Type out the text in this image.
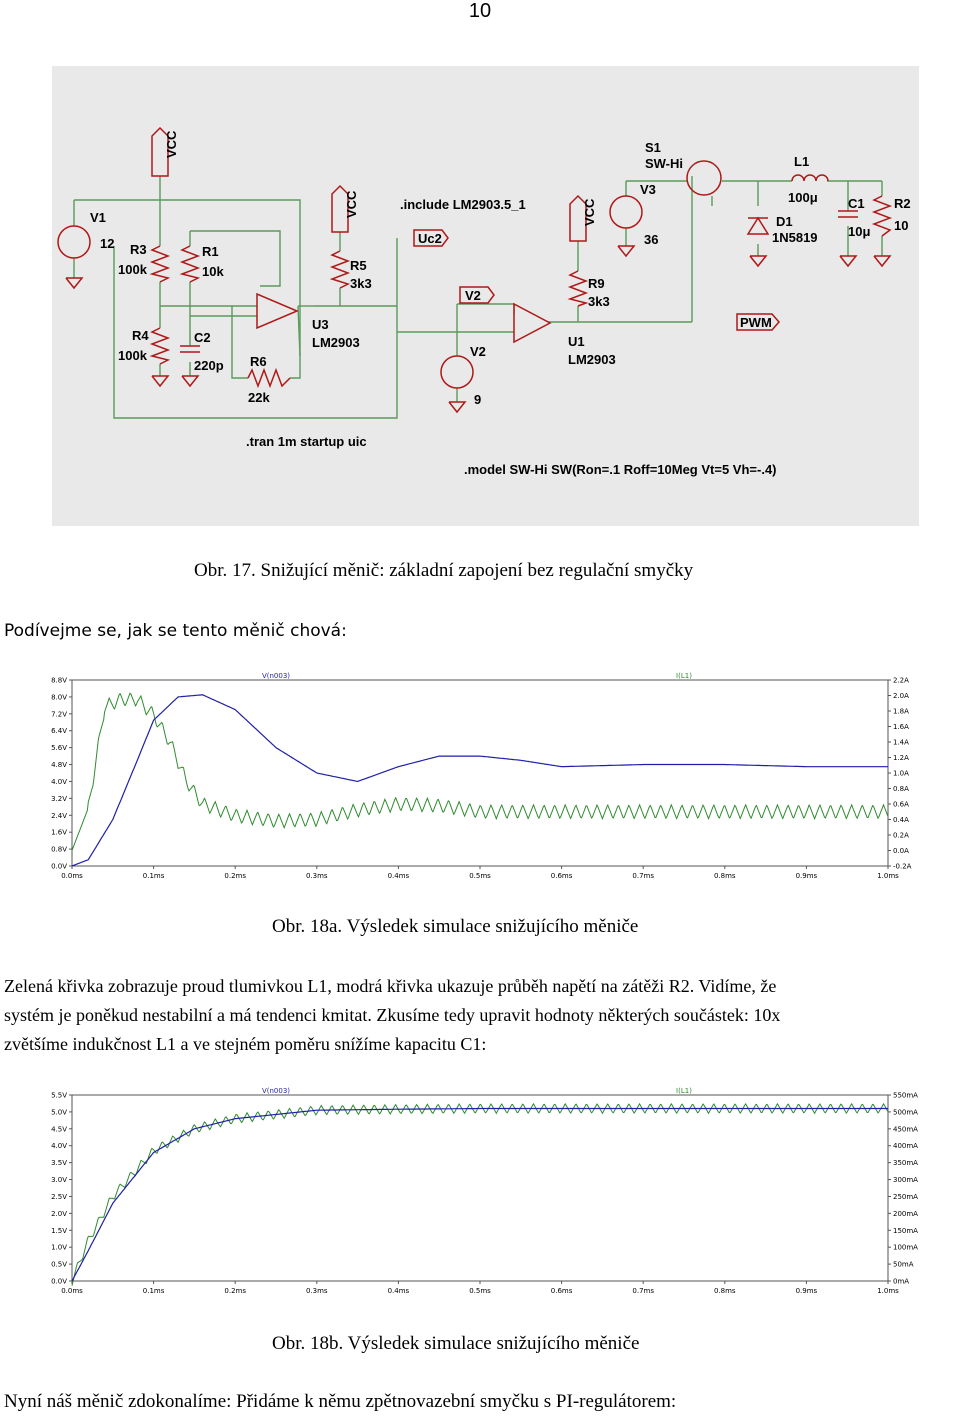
10
VCC
VCC	VCC
V1
12 R3
100k
R1
10k
R4
100k
C2
220p R6
22k
R5
3k3
U3
LM2903
.include LM2903.5_1
Uc2
V2
V2
9
U1
LM2903
R9
3k3
S1
SW-Hi
V3
36
L1
100μ
D1
1N5819
C1
10μ
R2
10
PWM
.tran 1m startup uic
.model SW-Hi SW(Ron=.1 Roff=10Meg Vt=5 Vh=-.4)
Obr. 17. Snižující měnič: základní zapojení bez regulační smyčky
Podívejme se, jak se tento měnič chová:
0.0ms	0.1ms	0.2ms	0.3ms	0.4ms	0.5ms	0.6ms	0.7ms	0.8ms	0.9ms	1.0ms
0.0V
0.8V
1.6V
2.4V
3.2V
4.0V
4.8V
5.6V
6.4V
7.2V
8.0V
8.8V
-0.2A
0.0A
0.2A
0.4A
0.6A
0.8A
1.0A
1.2A
1.4A
1.6A
1.8A
2.0A
2.2A
V(n003)	I(L1)
Obr. 18a. Výsledek simulace snižujícího měniče
Zelená křivka zobrazuje proud tlumivkou L1, modrá křivka ukazuje průběh napětí na zátěži R2. Vidíme, že
systém je poněkud nestabilní a má tendenci kmitat. Zkusíme tedy upravit hodnoty některých součástek: 10x
zvětšíme indukčnost L1 a ve stejném poměru snížíme kapacitu C1:
0.0ms	0.1ms	0.2ms	0.3ms	0.4ms	0.5ms	0.6ms	0.7ms	0.8ms	0.9ms	1.0ms
0.0V
0.5V
1.0V
1.5V
2.0V
2.5V
3.0V
3.5V
4.0V
4.5V
5.0V
5.5V
0mA
50mA
100mA
150mA
200mA
250mA
300mA
350mA
400mA
450mA
500mA
550mA
V(n003)	I(L1)
Obr. 18b. Výsledek simulace snižujícího měniče
Nyní náš měnič zdokonalíme: Přidáme k němu zpětnovazební smyčku s PI-regulátorem:
